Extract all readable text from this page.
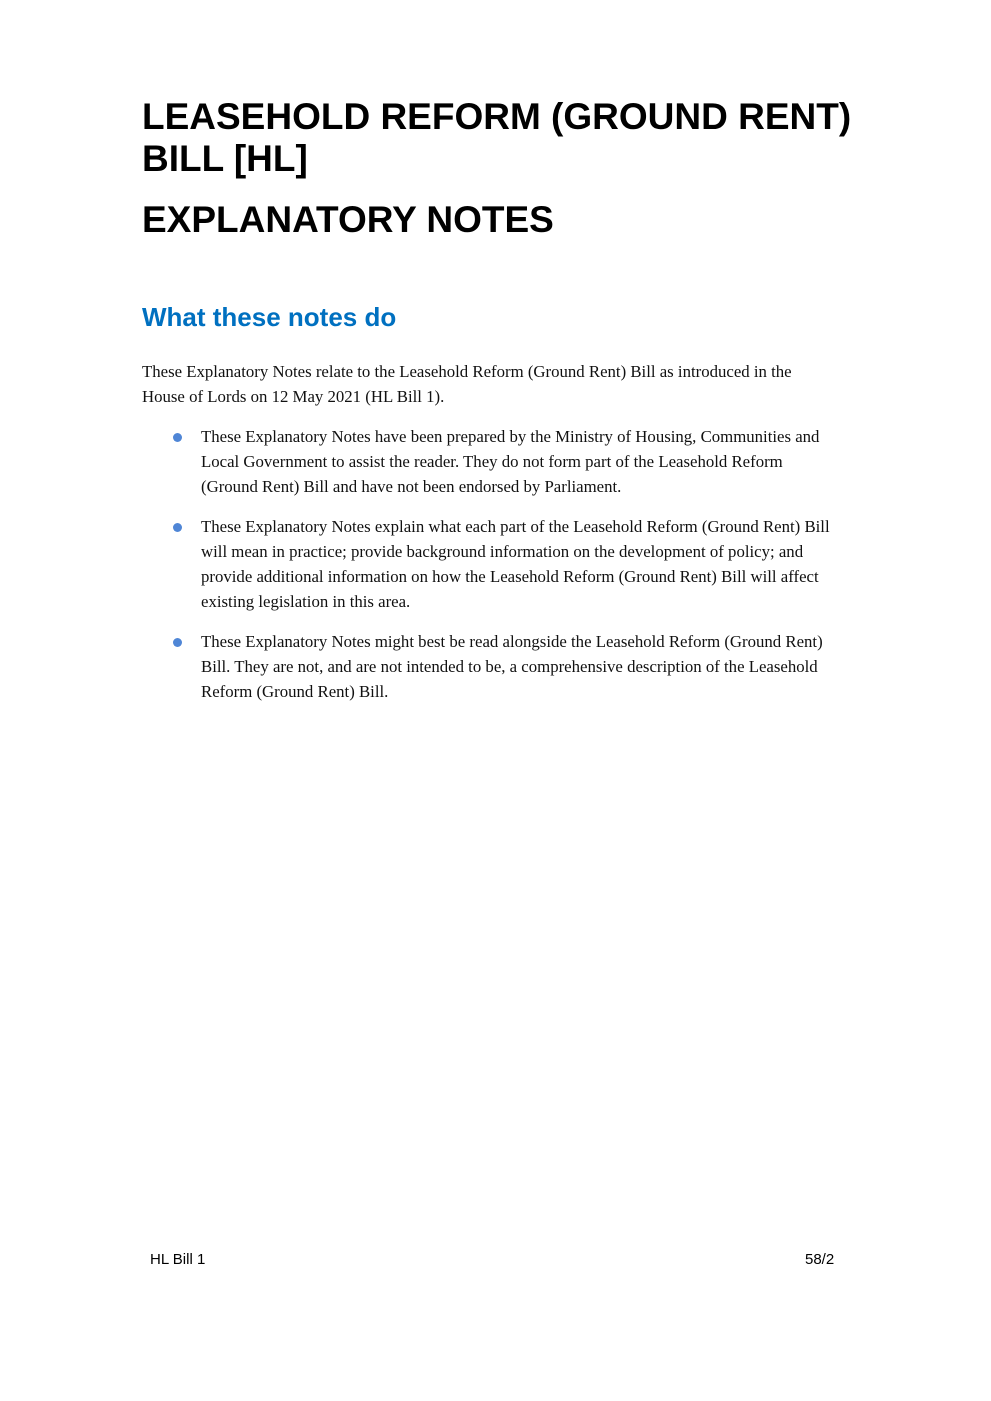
LEASEHOLD REFORM (GROUND RENT)
BILL [HL]
EXPLANATORY NOTES
What these notes do

These Explanatory Notes relate to the Leasehold Reform (Ground Rent) Bill as introduced in the
House of Lords on 12 May 2021 (HL Bill 1).

These Explanatory Notes have been prepared by the Ministry of Housing, Communities and
Local Government to assist the reader. They do not form part of the Leasehold Reform
(Ground Rent) Bill and have not been endorsed by Parliament.
These Explanatory Notes explain what each part of the Leasehold Reform (Ground Rent) Bill
will mean in practice; provide background information on the development of policy; and
provide additional information on how the Leasehold Reform (Ground Rent) Bill will affect
existing legislation in this area.
These Explanatory Notes might best be read alongside the Leasehold Reform (Ground Rent)
Bill. They are not, and are not intended to be, a comprehensive description of the Leasehold
Reform (Ground Rent) Bill.
HL Bill 1	58/2
